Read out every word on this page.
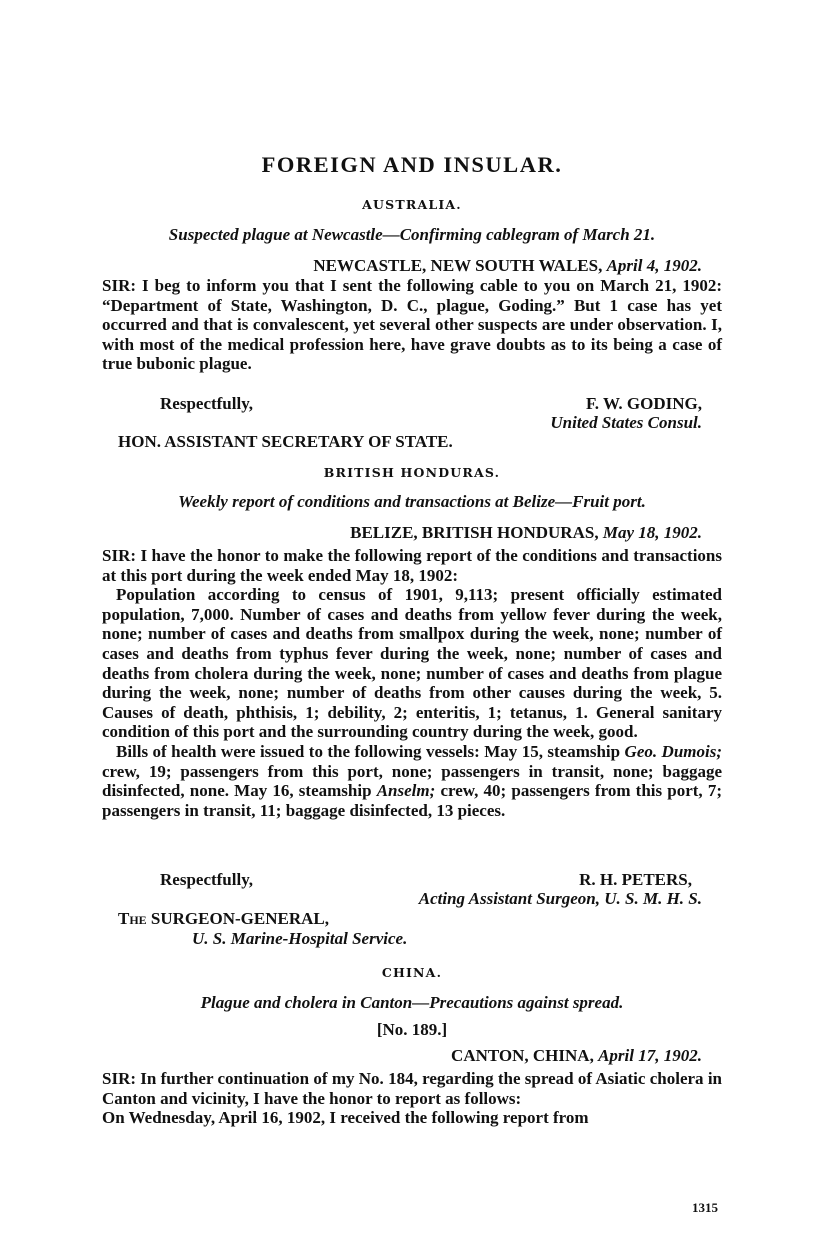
FOREIGN AND INSULAR.
AUSTRALIA.
Suspected plague at Newcastle—Confirming cablegram of March 21.
NEWCASTLE, NEW SOUTH WALES, April 4, 1902.

SIR: I beg to inform you that I sent the following cable to you on March 21, 1902: “Department of State, Washington, D. C., plague, Goding.” But 1 case has yet occurred and that is convalescent, yet several other suspects are under observation. I, with most of the medical profession here, have grave doubts as to its being a case of true bubonic plague.

Respectfully,	F. W. GODING,
United States Consul.
HON. ASSISTANT SECRETARY OF STATE.
BRITISH HONDURAS.
Weekly report of conditions and transactions at Belize—Fruit port.
BELIZE, BRITISH HONDURAS, May 18, 1902.

SIR: I have the honor to make the following report of the conditions and transactions at this port during the week ended May 18, 1902:

Population according to census of 1901, 9,113; present officially estimated population, 7,000. Number of cases and deaths from yellow fever during the week, none; number of cases and deaths from smallpox during the week, none; number of cases and deaths from typhus fever during the week, none; number of cases and deaths from cholera during the week, none; number of cases and deaths from plague during the week, none; number of deaths from other causes during the week, 5. Causes of death, phthisis, 1; debility, 2; enteritis, 1; tetanus, 1. General sanitary condition of this port and the surrounding country during the week, good.

Bills of health were issued to the following vessels: May 15, steamship Geo. Dumois; crew, 19; passengers from this port, none; passengers in transit, none; baggage disinfected, none. May 16, steamship Anselm; crew, 40; passengers from this port, 7; passengers in transit, 11; baggage disinfected, 13 pieces.

Respectfully,	R. H. PETERS,
Acting Assistant Surgeon, U. S. M. H. S.
The SURGEON-GENERAL,
U. S. Marine-Hospital Service.
CHINA.
Plague and cholera in Canton—Precautions against spread.
[No. 189.]
CANTON, CHINA, April 17, 1902.

SIR: In further continuation of my No. 184, regarding the spread of Asiatic cholera in Canton and vicinity, I have the honor to report as follows:

On Wednesday, April 16, 1902, I received the following report from

1315
